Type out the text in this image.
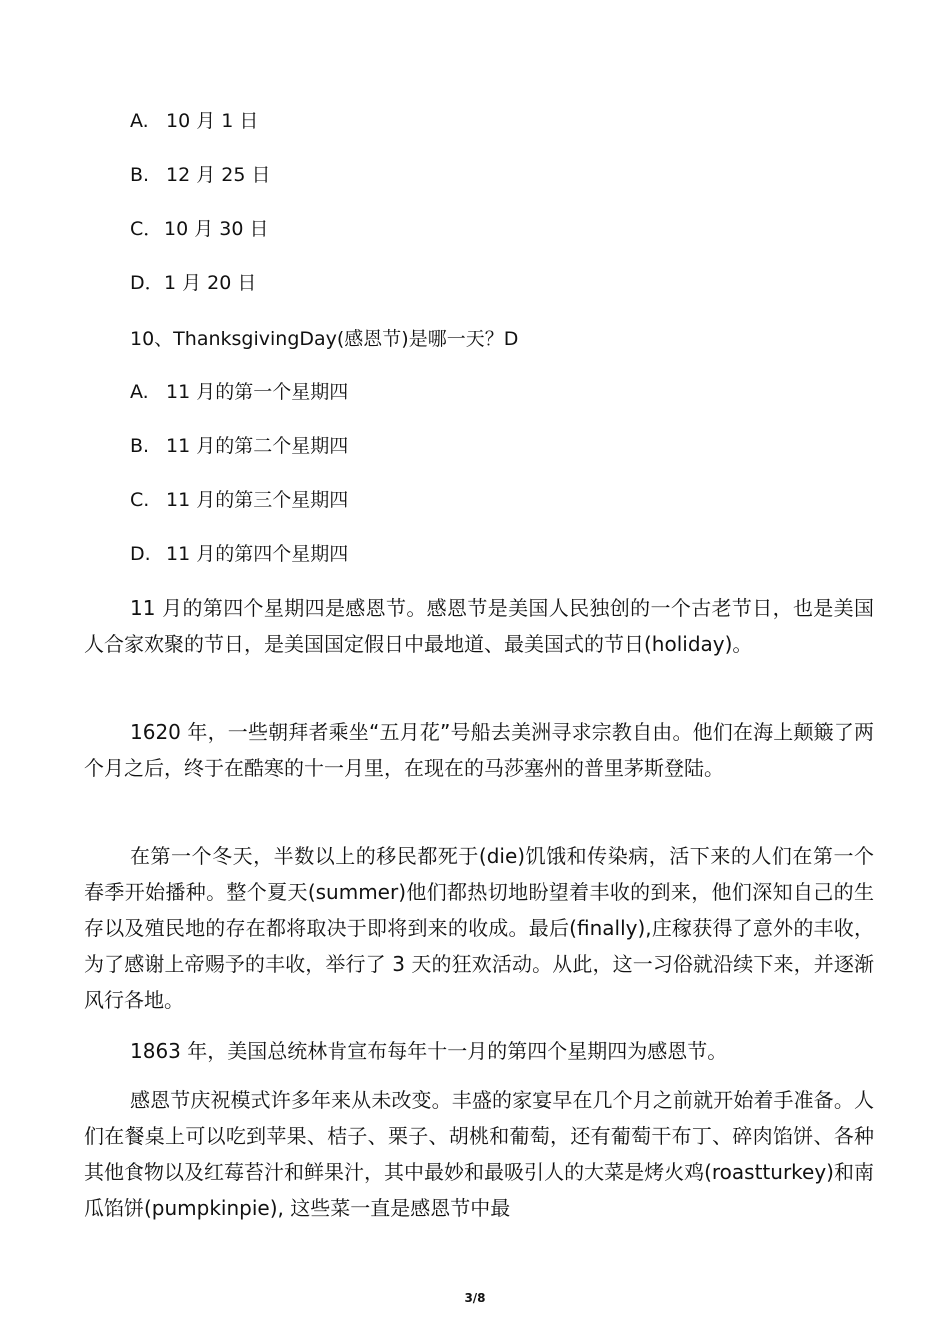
A. 10 月 1 日
B. 12 月 25 日
C．10 月 30 日
D．1 月 20 日
10、ThanksgivingDay(感恩节)是哪一天？D
A. 11 月的第一个星期四
B. 11 月的第二个星期四
C. 11 月的第三个星期四
D. 11 月的第四个星期四

11 月的第四个星期四是感恩节。感恩节是美国人民独创的一个古老节日，也是美国人合家欢聚的节日，是美国国定假日中最地道、最美国式的节日(holiday)。

1620 年，一些朝拜者乘坐“五月花”号船去美洲寻求宗教自由。他们在海上颠簸了两个月之后，终于在酷寒的十一月里，在现在的马莎塞州的普里茅斯登陆。

在第一个冬天，半数以上的移民都死于(die)饥饿和传染病，活下来的人们在第一个春季开始播种。整个夏天(summer)他们都热切地盼望着丰收的到来，他们深知自己的生存以及殖民地的存在都将取决于即将到来的收成。最后(finally),庄稼获得了意外的丰收，为了感谢上帝赐予的丰收，举行了 3 天的狂欢活动。从此，这一习俗就沿续下来，并逐渐风行各地。

1863 年，美国总统林肯宣布每年十一月的第四个星期四为感恩节。

感恩节庆祝模式许多年来从未改变。丰盛的家宴早在几个月之前就开始着手准备。人们在餐桌上可以吃到苹果、桔子、栗子、胡桃和葡萄，还有葡萄干布丁、碎肉馅饼、各种其他食物以及红莓苔汁和鲜果汁，其中最妙和最吸引人的大菜是烤火鸡(roastturkey)和南瓜馅饼(pumpkinpie), 这些菜一直是感恩节中最

3/8
